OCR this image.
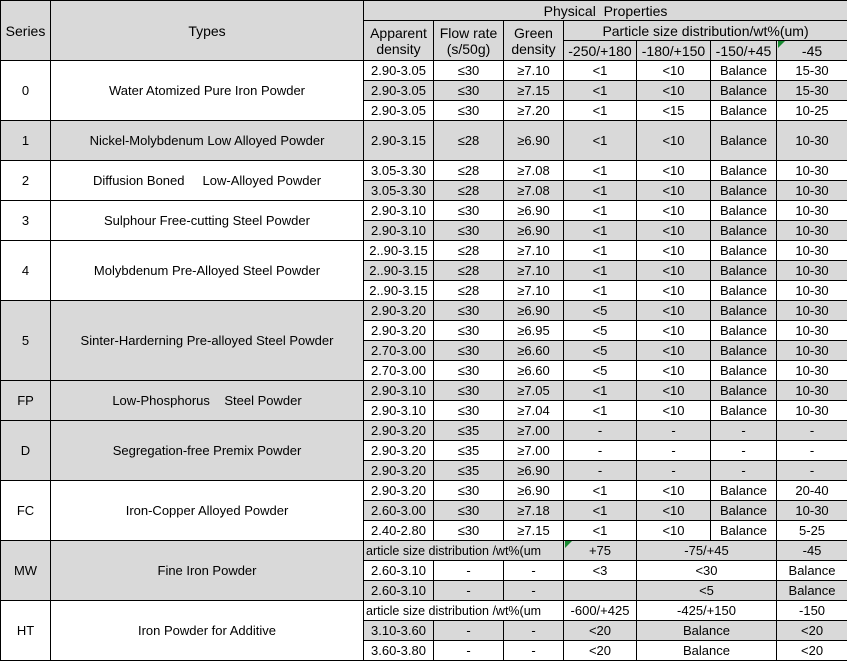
Series	Types	Physical  Properties						
		Apparent density	Flow rate (s/50g)	Green density	Particle size distribution/wt%(um)			
					-250/+180	-180/+150	-150/+45	-45
0	Water Atomized Pure Iron Powder	2.90-3.05	≤30	≥7.10	<1	<10	Balance	15-30
		2.90-3.05	≤30	≥7.15	<1	<10	Balance	15-30
		2.90-3.05	≤30	≥7.20	<1	<15	Balance	10-25
1	Nickel-Molybdenum Low Alloyed Powder	2.90-3.15	≤28	≥6.90	<1	<10	Balance	10-30
2	Diffusion Boned     Low-Alloyed Powder	3.05-3.30	≤28	≥7.08	<1	<10	Balance	10-30
		3.05-3.30	≤28	≥7.08	<1	<10	Balance	10-30
3	Sulphour Free-cutting Steel Powder	2.90-3.10	≤30	≥6.90	<1	<10	Balance	10-30
		2.90-3.10	≤30	≥6.90	<1	<10	Balance	10-30
4	Molybdenum Pre-Alloyed Steel Powder	2..90-3.15	≤28	≥7.10	<1	<10	Balance	10-30
		2..90-3.15	≤28	≥7.10	<1	<10	Balance	10-30
		2..90-3.15	≤28	≥7.10	<1	<10	Balance	10-30
5	Sinter-Harderning Pre-alloyed Steel Powder	2.90-3.20	≤30	≥6.90	<5	<10	Balance	10-30
		2.90-3.20	≤30	≥6.95	<5	<10	Balance	10-30
		2.70-3.00	≤30	≥6.60	<5	<10	Balance	10-30
		2.70-3.00	≤30	≥6.60	<5	<10	Balance	10-30
FP	Low-Phosphorus    Steel Powder	2.90-3.10	≤30	≥7.05	<1	<10	Balance	10-30
		2.90-3.10	≤30	≥7.04	<1	<10	Balance	10-30
D	Segregation-free Premix Powder	2.90-3.20	≤35	≥7.00	-	-	-	-
		2.90-3.20	≤35	≥7.00	-	-	-	-
		2.90-3.20	≤35	≥6.90	-	-	-	-
FC	Iron-Copper Alloyed Powder	2.90-3.20	≤30	≥6.90	<1	<10	Balance	20-40
		2.60-3.00	≤30	≥7.18	<1	<10	Balance	10-30
		2.40-2.80	≤30	≥7.15	<1	<10	Balance	5-25
MW	Fine Iron Powder	article size distribution /wt%(um			+75	-75/+45		-45
		2.60-3.10	-	-	<3	<30		Balance
		2.60-3.10	-	-		<5		Balance
HT	Iron Powder for Additive	article size distribution /wt%(um			-600/+425	-425/+150		-150
		3.10-3.60	-	-	<20	Balance		<20
		3.60-3.80	-	-	<20	Balance		<20
